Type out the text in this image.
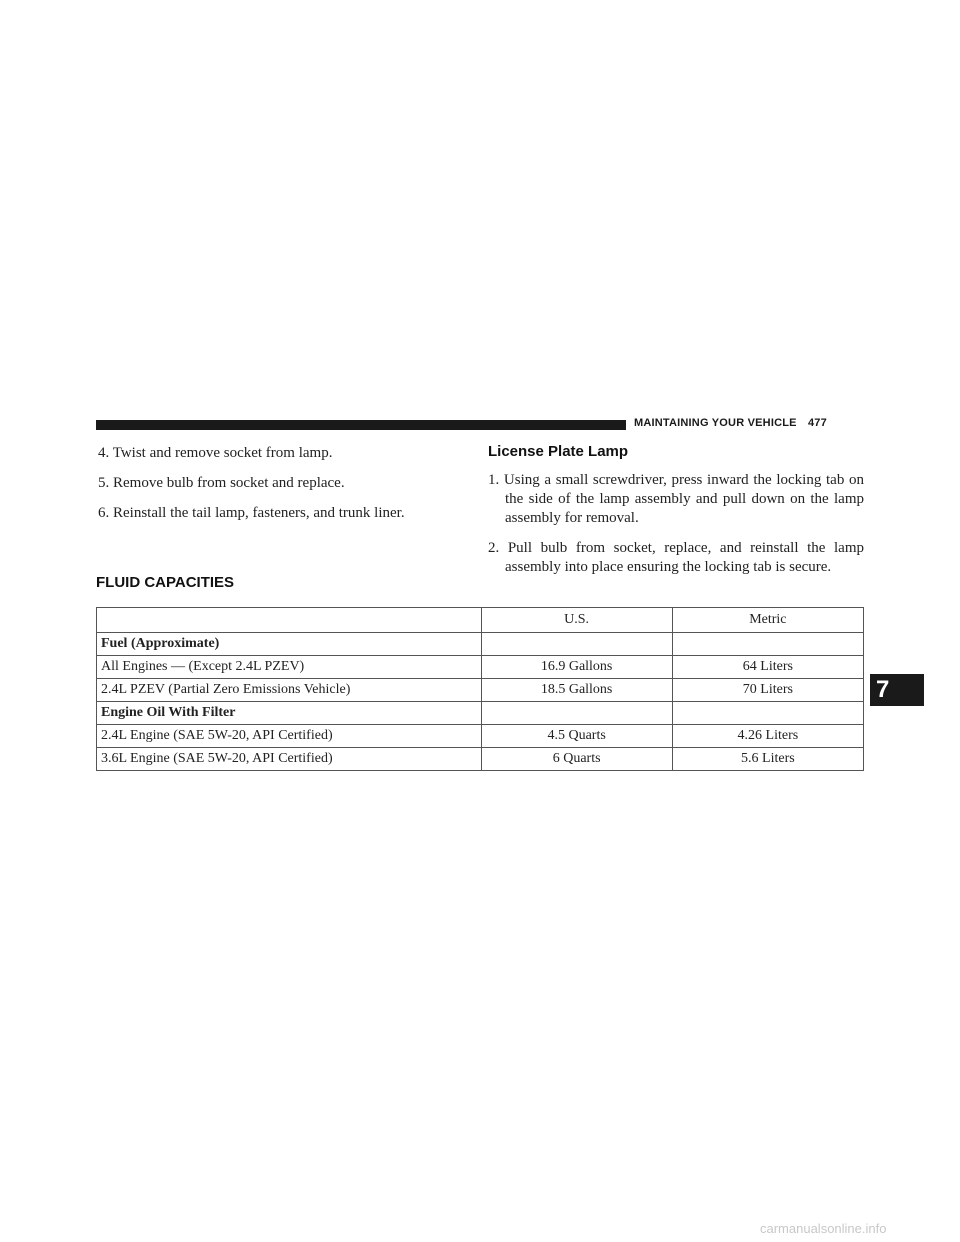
MAINTAINING YOUR VEHICLE 477

4. Twist and remove socket from lamp.

5. Remove bulb from socket and replace.

6. Reinstall the tail lamp, fasteners, and trunk liner.

License Plate Lamp

1. Using a small screwdriver, press inward the locking tab on the side of the lamp assembly and pull down on the lamp assembly for removal.

2. Pull bulb from socket, replace, and reinstall the lamp assembly into place ensuring the locking tab is secure.

FLUID CAPACITIES
	U.S.	Metric
Fuel (Approximate)		
All Engines — (Except 2.4L PZEV)	16.9 Gallons	64 Liters
2.4L PZEV (Partial Zero Emissions Vehicle)	18.5 Gallons	70 Liters
Engine Oil With Filter		
2.4L Engine (SAE 5W-20, API Certified)	4.5 Quarts	4.26 Liters
3.6L Engine (SAE 5W-20, API Certified)	6 Quarts	5.6 Liters
7
carmanualsonline.info
